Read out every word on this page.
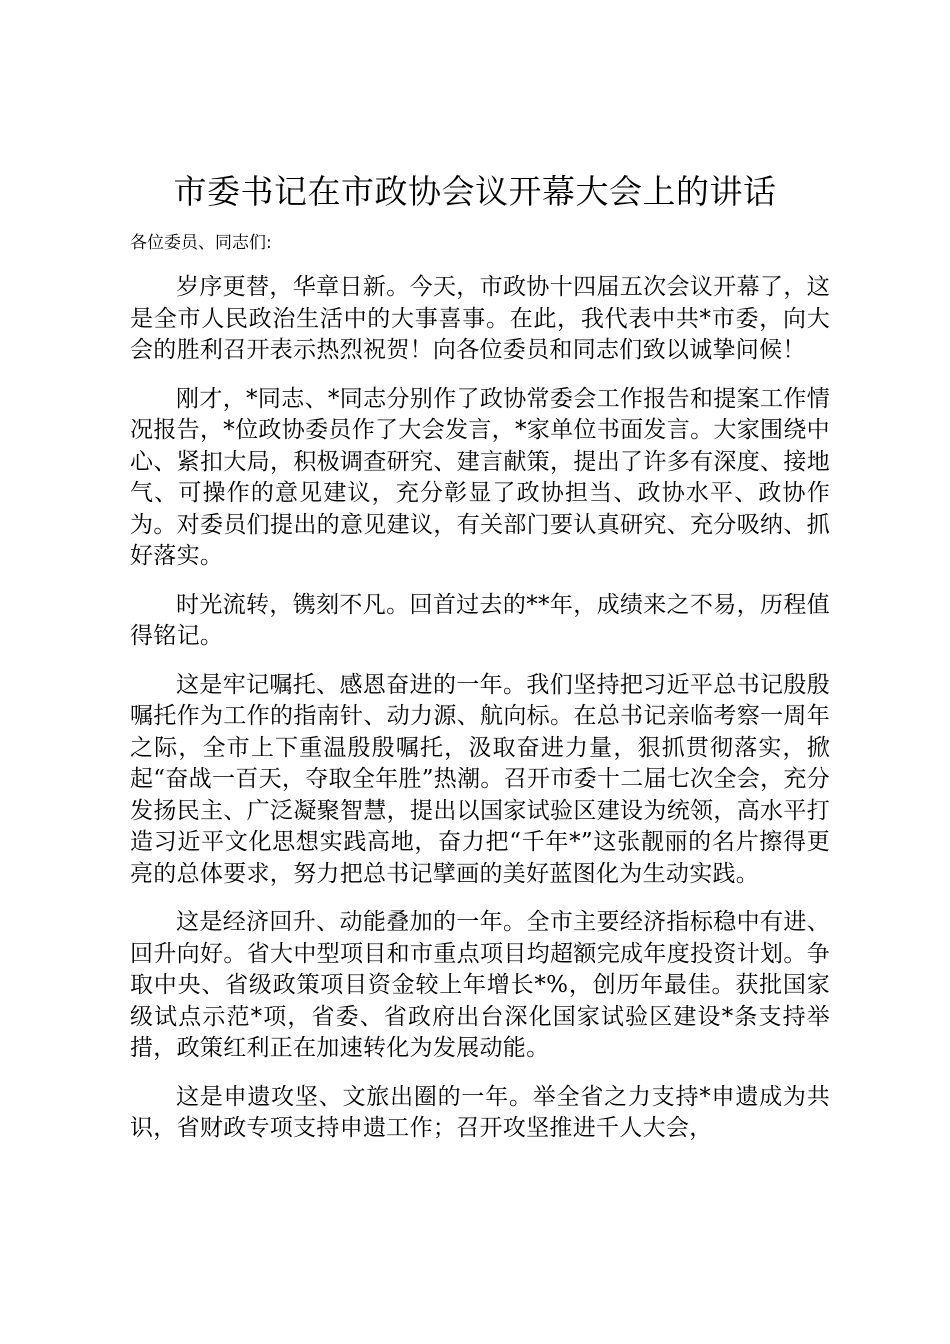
市委书记在市政协会议开幕大会上的讲话
各位委员、同志们:

岁序更替，华章日新。今天，市政协十四届五次会议开幕了，这是全市人民政治生活中的大事喜事。在此，我代表中共*市委，向大会的胜利召开表示热烈祝贺！向各位委员和同志们致以诚挚问候！

刚才，*同志、*同志分别作了政协常委会工作报告和提案工作情况报告，*位政协委员作了大会发言，*家单位书面发言。大家围绕中心、紧扣大局，积极调查研究、建言献策，提出了许多有深度、接地气、可操作的意见建议，充分彰显了政协担当、政协水平、政协作为。对委员们提出的意见建议，有关部门要认真研究、充分吸纳、抓好落实。

时光流转，镌刻不凡。回首过去的**年，成绩来之不易，历程值得铭记。

这是牢记嘱托、感恩奋进的一年。我们坚持把习近平总书记殷殷嘱托作为工作的指南针、动力源、航向标。在总书记亲临考察一周年之际，全市上下重温殷殷嘱托，汲取奋进力量，狠抓贯彻落实，掀起“奋战一百天，夺取全年胜”热潮。召开市委十二届七次全会，充分发扬民主、广泛凝聚智慧，提出以国家试验区建设为统领，高水平打造习近平文化思想实践高地，奋力把“千年*”这张靓丽的名片擦得更亮的总体要求，努力把总书记擘画的美好蓝图化为生动实践。

这是经济回升、动能叠加的一年。全市主要经济指标稳中有进、回升向好。省大中型项目和市重点项目均超额完成年度投资计划。争取中央、省级政策项目资金较上年增长*%，创历年最佳。获批国家级试点示范*项，省委、省政府出台深化国家试验区建设*条支持举措，政策红利正在加速转化为发展动能。

这是申遗攻坚、文旅出圈的一年。举全省之力支持*申遗成为共识，省财政专项支持申遗工作；召开攻坚推进千人大会，
